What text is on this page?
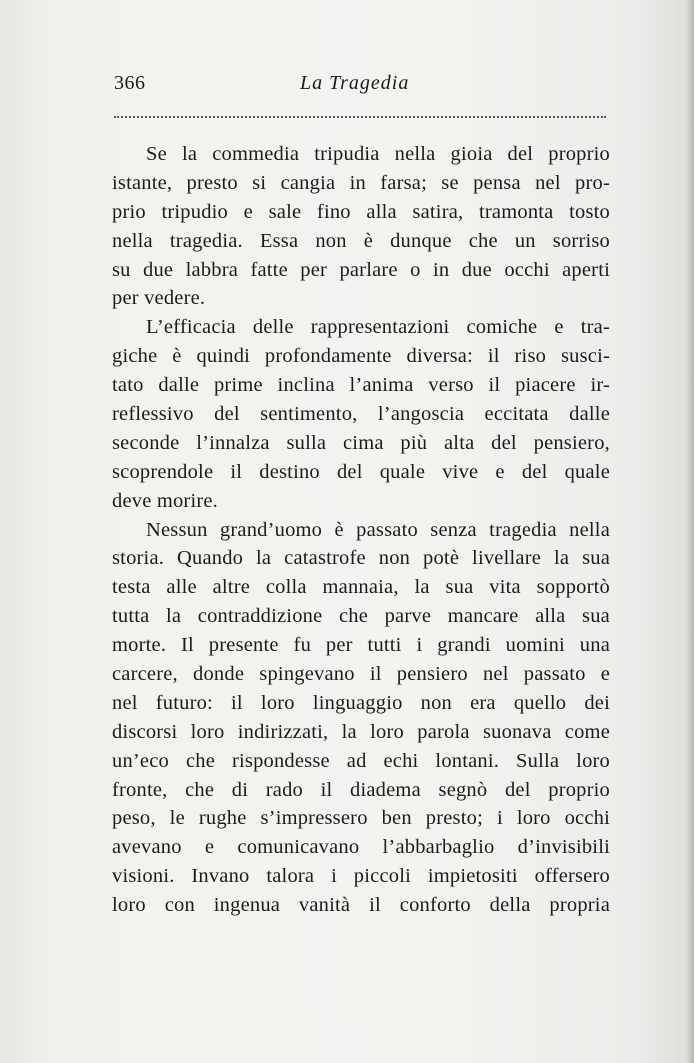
366	La Tragedia
Se la commedia tripudia nella gioia del proprio
istante, presto si cangia in farsa; se pensa nel pro-
prio tripudio e sale fino alla satira, tramonta tosto
nella tragedia. Essa non è dunque che un sorriso
su due labbra fatte per parlare o in due occhi aperti
per vedere.
L’efficacia delle rappresentazioni comiche e tra-
giche è quindi profondamente diversa: il riso susci-
tato dalle prime inclina l’anima verso il piacere ir-
reflessivo del sentimento, l’angoscia eccitata dalle
seconde l’innalza sulla cima più alta del pensiero,
scoprendole il destino del quale vive e del quale
deve morire.
Nessun grand’uomo è passato senza tragedia nella
storia. Quando la catastrofe non potè livellare la sua
testa alle altre colla mannaia, la sua vita sopportò
tutta la contraddizione che parve mancare alla sua
morte. Il presente fu per tutti i grandi uomini una
carcere, donde spingevano il pensiero nel passato e
nel futuro: il loro linguaggio non era quello dei
discorsi loro indirizzati, la loro parola suonava come
un’eco che rispondesse ad echi lontani. Sulla loro
fronte, che di rado il diadema segnò del proprio
peso, le rughe s’impressero ben presto; i loro occhi
avevano e comunicavano l’abbarbaglio d’invisibili
visioni. Invano talora i piccoli impietositi offersero
loro con ingenua vanità il conforto della propria
